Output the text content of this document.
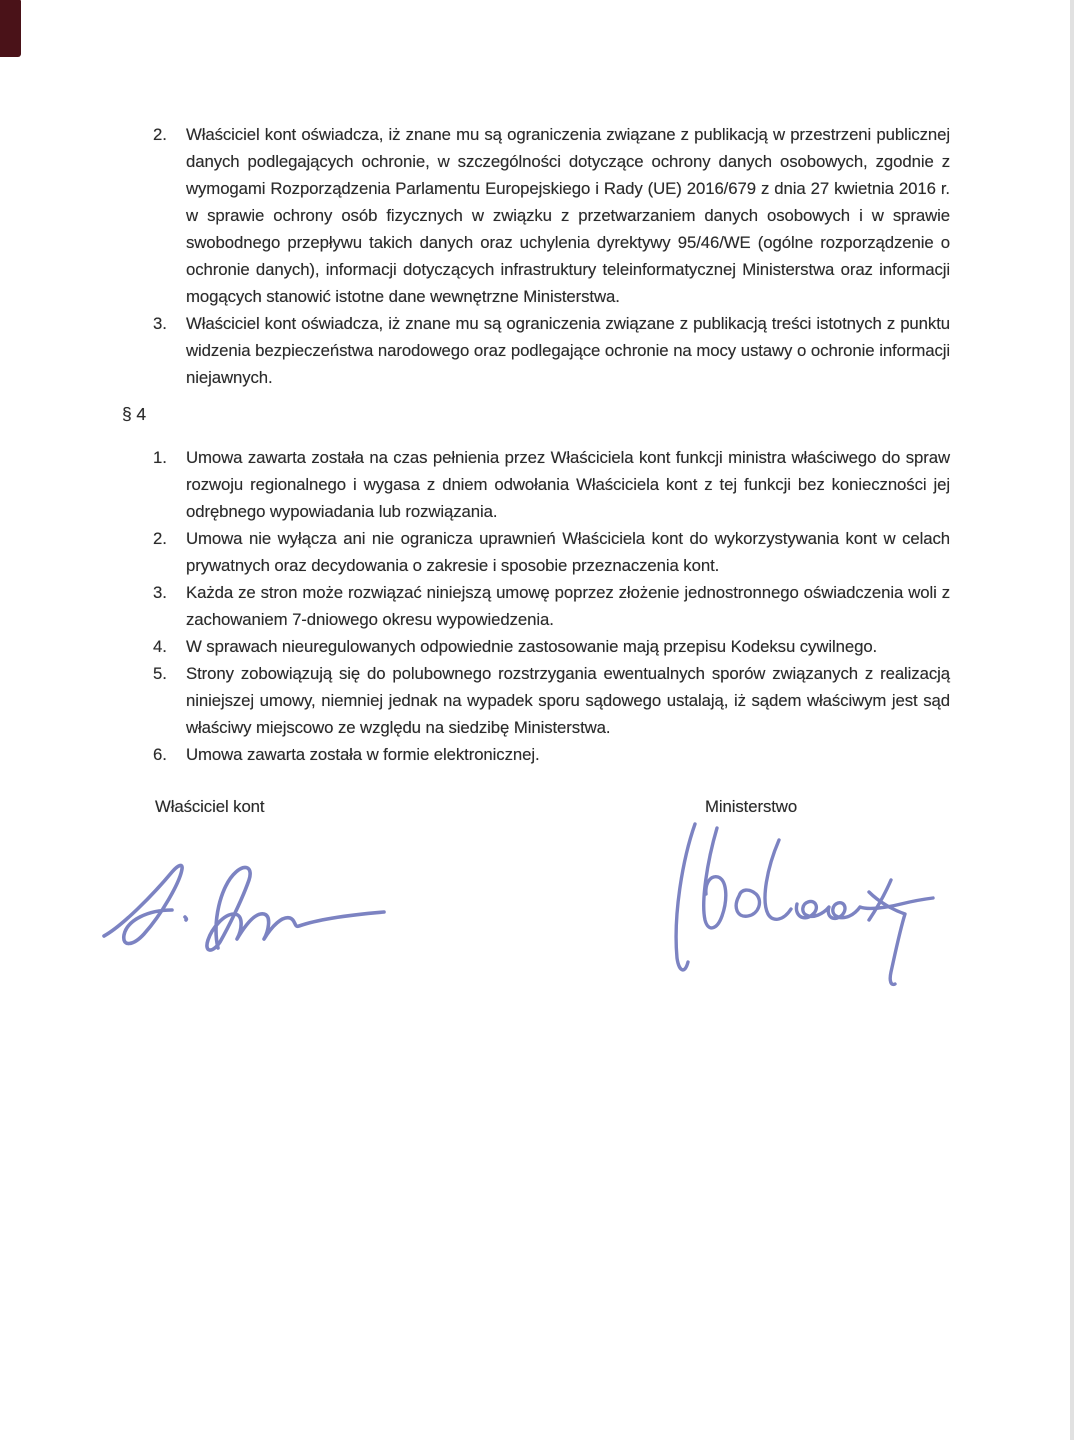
2.	Właściciel kont oświadcza, iż znane mu są ograniczenia związane z publikacją w przestrzeni publicznej danych podlegających ochronie, w szczególności dotyczące ochrony danych osobowych, zgodnie z wymogami Rozporządzenia Parlamentu Europejskiego i Rady (UE) 2016/679 z dnia 27 kwietnia 2016 r. w sprawie ochrony osób fizycznych w związku z przetwarzaniem danych osobowych i w sprawie swobodnego przepływu takich danych oraz uchylenia dyrektywy 95/46/WE (ogólne rozporządzenie o ochronie danych), informacji dotyczących infrastruktury teleinformatycznej Ministerstwa oraz informacji mogących stanowić istotne dane wewnętrzne Ministerstwa.
3.	Właściciel kont oświadcza, iż znane mu są ograniczenia związane z publikacją treści istotnych z punktu widzenia bezpieczeństwa narodowego oraz podlegające ochronie na mocy ustawy o ochronie informacji niejawnych.
§ 4
1.	Umowa zawarta została na czas pełnienia przez Właściciela kont funkcji ministra właściwego do spraw rozwoju regionalnego i wygasa z dniem odwołania Właściciela kont z tej funkcji bez konieczności jej odrębnego wypowiadania lub rozwiązania.
2.	Umowa nie wyłącza ani nie ogranicza uprawnień Właściciela kont do wykorzystywania kont w celach prywatnych oraz decydowania o zakresie i sposobie przeznaczenia kont.
3.	Każda ze stron może rozwiązać niniejszą umowę poprzez złożenie jednostronnego oświadczenia woli z zachowaniem 7-dniowego okresu wypowiedzenia.
4.	W sprawach nieuregulowanych odpowiednie zastosowanie mają przepisu Kodeksu cywilnego.
5.	Strony zobowiązują się do polubownego rozstrzygania ewentualnych sporów związanych z realizacją niniejszej umowy, niemniej jednak na wypadek sporu sądowego ustalają, iż sądem właściwym jest sąd właściwy miejscowo ze względu na siedzibę Ministerstwa.
6.	Umowa zawarta została w formie elektronicznej.
Właściciel kont	Ministerstwo
